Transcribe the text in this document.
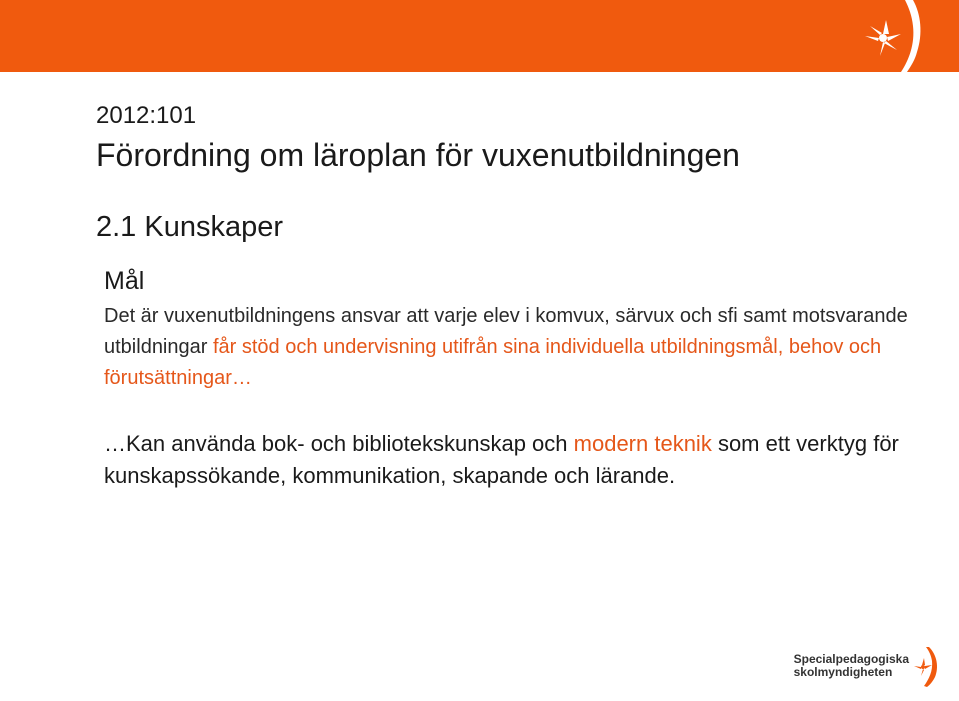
2012:101
Förordning om läroplan för vuxenutbildningen
2.1 Kunskaper
Mål

Det är vuxenutbildningens ansvar att varje elev i komvux, särvux och sfi samt motsvarande utbildningar får stöd och undervisning utifrån sina individuella utbildningsmål, behov och förutsättningar…

…Kan använda bok- och bibliotekskunskap och modern teknik som ett verktyg för kunskapssökande, kommunikation, skapande och lärande.

Specialpedagogiska
skolmyndigheten
